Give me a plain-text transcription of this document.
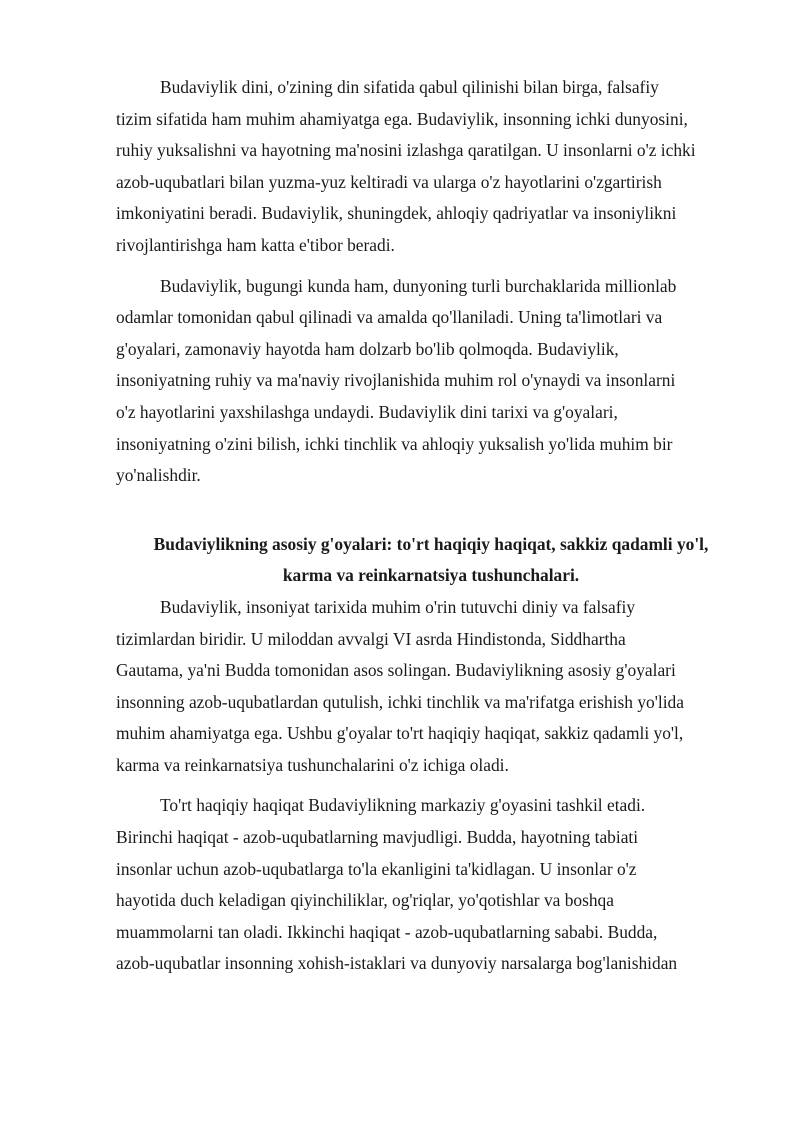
Budaviylik dini, o'zining din sifatida qabul qilinishi bilan birga, falsafiy
tizim sifatida ham muhim ahamiyatga ega. Budaviylik, insonning ichki dunyosini,
ruhiy yuksalishni va hayotning ma'nosini izlashga qaratilgan. U insonlarni o'z ichki
azob-uqubatlari bilan yuzma-yuz keltiradi va ularga o'z hayotlarini o'zgartirish
imkoniyatini beradi. Budaviylik, shuningdek, ahloqiy qadriyatlar va insoniylikni
rivojlantirishga ham katta e'tibor beradi.
Budaviylik, bugungi kunda ham, dunyoning turli burchaklarida millionlab
odamlar tomonidan qabul qilinadi va amalda qo'llaniladi. Uning ta'limotlari va
g'oyalari, zamonaviy hayotda ham dolzarb bo'lib qolmoqda. Budaviylik,
insoniyatning ruhiy va ma'naviy rivojlanishida muhim rol o'ynaydi va insonlarni
o'z hayotlarini yaxshilashga undaydi. Budaviylik dini tarixi va g'oyalari,
insoniyatning o'zini bilish, ichki tinchlik va ahloqiy yuksalish yo'lida muhim bir
yo'nalishdir.
Budaviylikning asosiy g'oyalari: to'rt haqiqiy haqiqat, sakkiz qadamli yo'l,
karma va reinkarnatsiya tushunchalari.
Budaviylik, insoniyat tarixida muhim o'rin tutuvchi diniy va falsafiy
tizimlardan biridir. U miloddan avvalgi VI asrda Hindistonda, Siddhartha
Gautama, ya'ni Budda tomonidan asos solingan. Budaviylikning asosiy g'oyalari
insonning azob-uqubatlardan qutulish, ichki tinchlik va ma'rifatga erishish yo'lida
muhim ahamiyatga ega. Ushbu g'oyalar to'rt haqiqiy haqiqat, sakkiz qadamli yo'l,
karma va reinkarnatsiya tushunchalarini o'z ichiga oladi.
To'rt haqiqiy haqiqat Budaviylikning markaziy g'oyasini tashkil etadi.
Birinchi haqiqat - azob-uqubatlarning mavjudligi. Budda, hayotning tabiati
insonlar uchun azob-uqubatlarga to'la ekanligini ta'kidlagan. U insonlar o'z
hayotida duch keladigan qiyinchiliklar, og'riqlar, yo'qotishlar va boshqa
muammolarni tan oladi. Ikkinchi haqiqat - azob-uqubatlarning sababi. Budda,
azob-uqubatlar insonning xohish-istaklari va dunyoviy narsalarga bog'lanishidan
